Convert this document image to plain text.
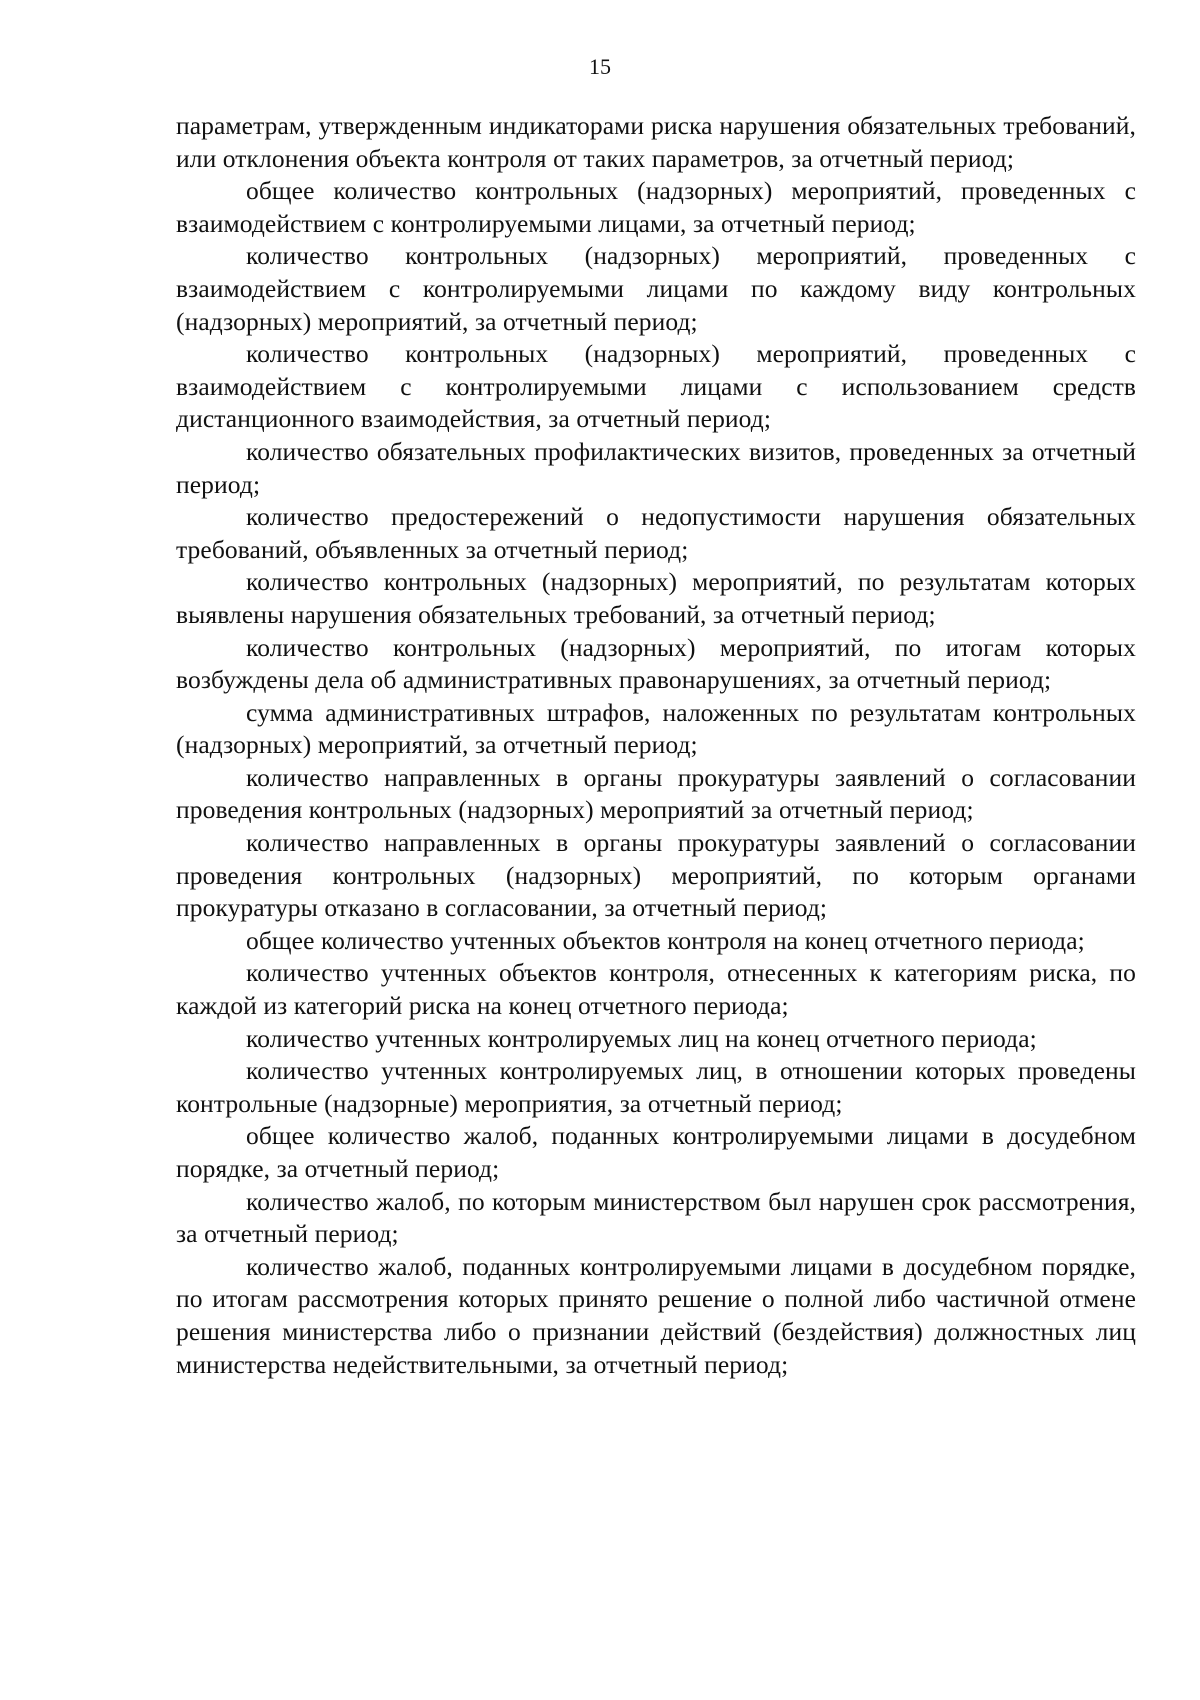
15

параметрам, утвержденным индикаторами риска нарушения обязательных требований, или отклонения объекта контроля от таких параметров, за отчетный период;

общее количество контрольных (надзорных) мероприятий, проведенных с взаимодействием с контролируемыми лицами, за отчетный период;

количество контрольных (надзорных) мероприятий, проведенных с взаимодействием с контролируемыми лицами по каждому виду контрольных (надзорных) мероприятий, за отчетный период;

количество контрольных (надзорных) мероприятий, проведенных с взаимодействием с контролируемыми лицами с использованием средств дистанционного взаимодействия, за отчетный период;

количество обязательных профилактических визитов, проведенных за отчетный период;

количество предостережений о недопустимости нарушения обязательных требований, объявленных за отчетный период;

количество контрольных (надзорных) мероприятий, по результатам которых выявлены нарушения обязательных требований, за отчетный период;

количество контрольных (надзорных) мероприятий, по итогам которых возбуждены дела об административных правонарушениях, за отчетный период;

сумма административных штрафов, наложенных по результатам контрольных (надзорных) мероприятий, за отчетный период;

количество направленных в органы прокуратуры заявлений о согласовании проведения контрольных (надзорных) мероприятий за отчетный период;

количество направленных в органы прокуратуры заявлений о согласовании проведения контрольных (надзорных) мероприятий, по которым органами прокуратуры отказано в согласовании, за отчетный период;

общее количество учтенных объектов контроля на конец отчетного периода;

количество учтенных объектов контроля, отнесенных к категориям риска, по каждой из категорий риска на конец отчетного периода;

количество учтенных контролируемых лиц на конец отчетного периода;

количество учтенных контролируемых лиц, в отношении которых проведены контрольные (надзорные) мероприятия, за отчетный период;

общее количество жалоб, поданных контролируемыми лицами в досудебном порядке, за отчетный период;

количество жалоб, по которым министерством был нарушен срок рассмотрения, за отчетный период;

количество жалоб, поданных контролируемыми лицами в досудебном порядке, по итогам рассмотрения которых принято решение о полной либо частичной отмене решения министерства либо о признании действий (бездействия) должностных лиц министерства недействительными, за отчетный период;
